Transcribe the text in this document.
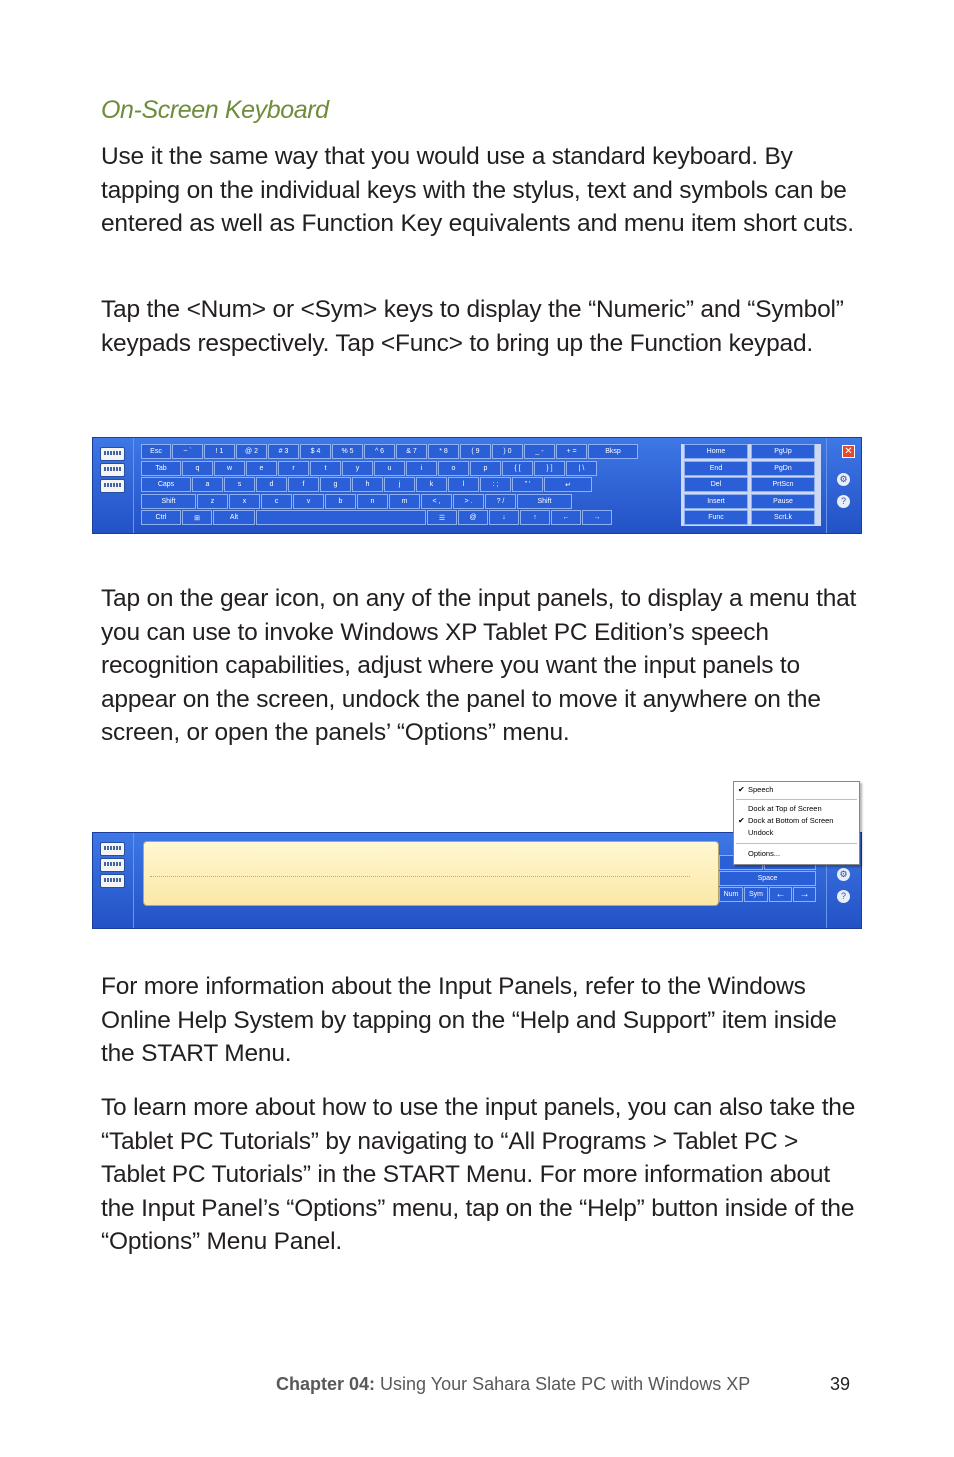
On-Screen Keyboard
Use it the same way that you would use a standard keyboard. By tapping on the individual keys with the stylus, text and symbols can be entered as well as Function Key equivalents and menu item short cuts.
Tap the <Num> or <Sym> keys to display the “Numeric” and “Symbol” keypads respectively. Tap <Func> to bring up the Function keypad.
Esc	~ `	! 1	@ 2	# 3	$ 4	% 5	^ 6	& 7	* 8	( 9	) 0	_ -	+ =	Bksp
Tab	q	w	e	r	t	y	u	i	o	p	{ [	} ]	| \
Caps	a	s	d	f	g	h	j	k	l	: ;	" '	↵
Shift	z	x	c	v	b	n	m	< ,	> .	? /	Shift
Ctrl	⊞	Alt	☰	@	↓	↑	←	→
Home	PgUp
End	PgDn
Del	PrtScn
Insert	Pause
Func	ScrLk
✕
⚙
?
Tap on the gear icon, on any of the input panels, to display a menu that you can use to invoke Windows XP Tablet PC Edition’s speech recognition capabilities, adjust where you want the input panels to appear on the screen, undock the panel to move it anywhere on the screen, or open the panels’ “Options” menu.
Space
Num	Sym	←	→
⚙
?
✔ Speech
Dock at Top of Screen
✔ Dock at Bottom of Screen
Undock
Options...
For more information about the Input Panels, refer to the Windows Online Help System by tapping on the “Help and Support” item inside the START Menu.
To learn more about how to use the input panels, you can also take the “Tablet PC Tutorials” by navigating to “All Programs > Tablet PC > Tablet PC Tutorials” in the START Menu. For more information about the Input Panel’s “Options” menu, tap on the “Help” button inside of the “Options” Menu Panel.
Chapter 04: Using Your Sahara Slate PC with Windows XP	39
